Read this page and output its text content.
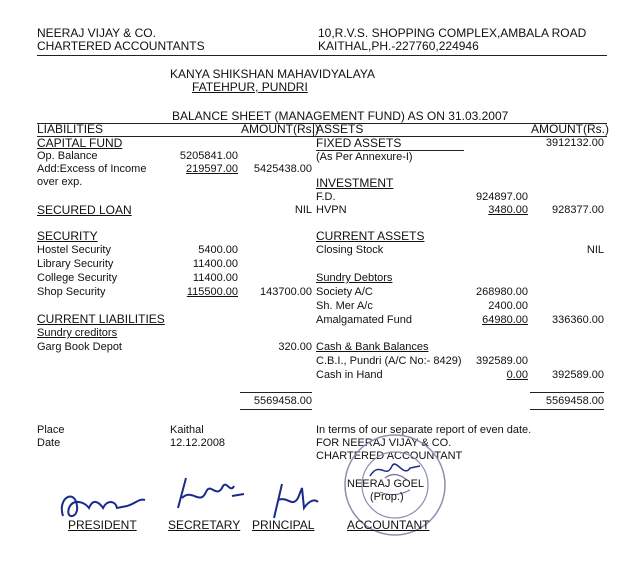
NEERAJ VIJAY & CO.
CHARTERED ACCOUNTANTS
10,R.V.S. SHOPPING COMPLEX,AMBALA ROAD
KAITHAL,PH.-227760,224946
KANYA SHIKSHAN MAHAVIDYALAYA
FATEHPUR, PUNDRI
BALANCE SHEET (MANAGEMENT FUND) AS ON 31.03.2007
LIABILITIES	AMOUNT(Rs.)
ASSETS	AMOUNT(Rs.)
CAPITAL FUND
Op. Balance	5205841.00
Add:Excess of Income	219597.00	5425438.00
over exp.
SECURED LOAN	NIL
SECURITY
Hostel Security	5400.00
Library Security	11400.00
College Security	11400.00
Shop Security	115500.00	143700.00
CURRENT LIABILITIES
Sundry creditors
Garg Book Depot	320.00
5569458.00
FIXED ASSETS	3912132.00
(As Per Annexure-I)
INVESTMENT
F.D.	924897.00
HVPN	3480.00	928377.00
CURRENT ASSETS
Closing Stock	NIL
Sundry Debtors
Society A/C	268980.00
Sh. Mer A/c	2400.00
Amalgamated Fund	64980.00	336360.00
Cash & Bank Balances
C.B.I., Pundri (A/C No:- 8429)	392589.00
Cash in Hand	0.00	392589.00
5569458.00
Place	Kaithal
Date	12.12.2008
In terms of our separate report of even date.
FOR NEERAJ VIJAY & CO.
CHARTERED ACCOUNTANT
NEERAJ GOEL
(Prop.)
PRESIDENT	SECRETARY PRINCIPAL	ACCOUNTANT
